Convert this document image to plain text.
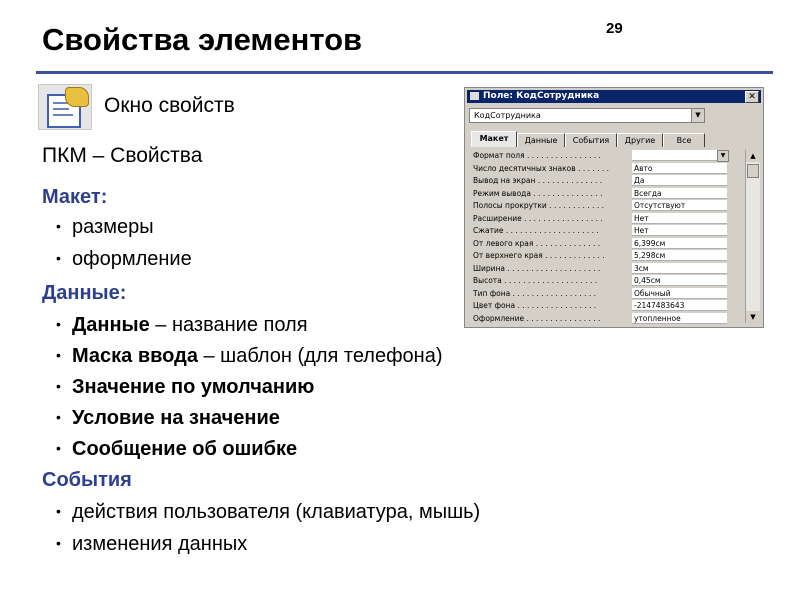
Свойства элементов	29
Окно свойств
ПКМ – Свойства
Макет:
• размеры
• оформление
Данные:
• Данные – название поля
• Маска ввода – шаблон (для телефона)
• Значение по умолчанию
• Условие на значение
• Сообщение об ошибке
События
• действия пользователя (клавиатура, мышь)
• изменения данных
Поле: КодСотрудника	✕
КодСотрудника	▼
Макет	Данные	События	Другие	Все
Формат поля . . . . . . . . . . . . . . . .	▼
Число десятичных знаков . . . . . . .	Авто
Вывод на экран . . . . . . . . . . . . . .	Да
Режим вывода . . . . . . . . . . . . . . .	Всегда
Полосы прокрутки . . . . . . . . . . . .	Отсутствуют
Расширение . . . . . . . . . . . . . . . . .	Нет
Сжатие . . . . . . . . . . . . . . . . . . . .	Нет
От левого края . . . . . . . . . . . . . .	6,399см
От верхнего края . . . . . . . . . . . . .	5,298см
Ширина . . . . . . . . . . . . . . . . . . . .	3см
Высота . . . . . . . . . . . . . . . . . . . .	0,45см
Тип фона . . . . . . . . . . . . . . . . . .	Обычный
Цвет фона . . . . . . . . . . . . . . . . .	-2147483643
Оформление . . . . . . . . . . . . . . . .	утопленное
▲
▼
